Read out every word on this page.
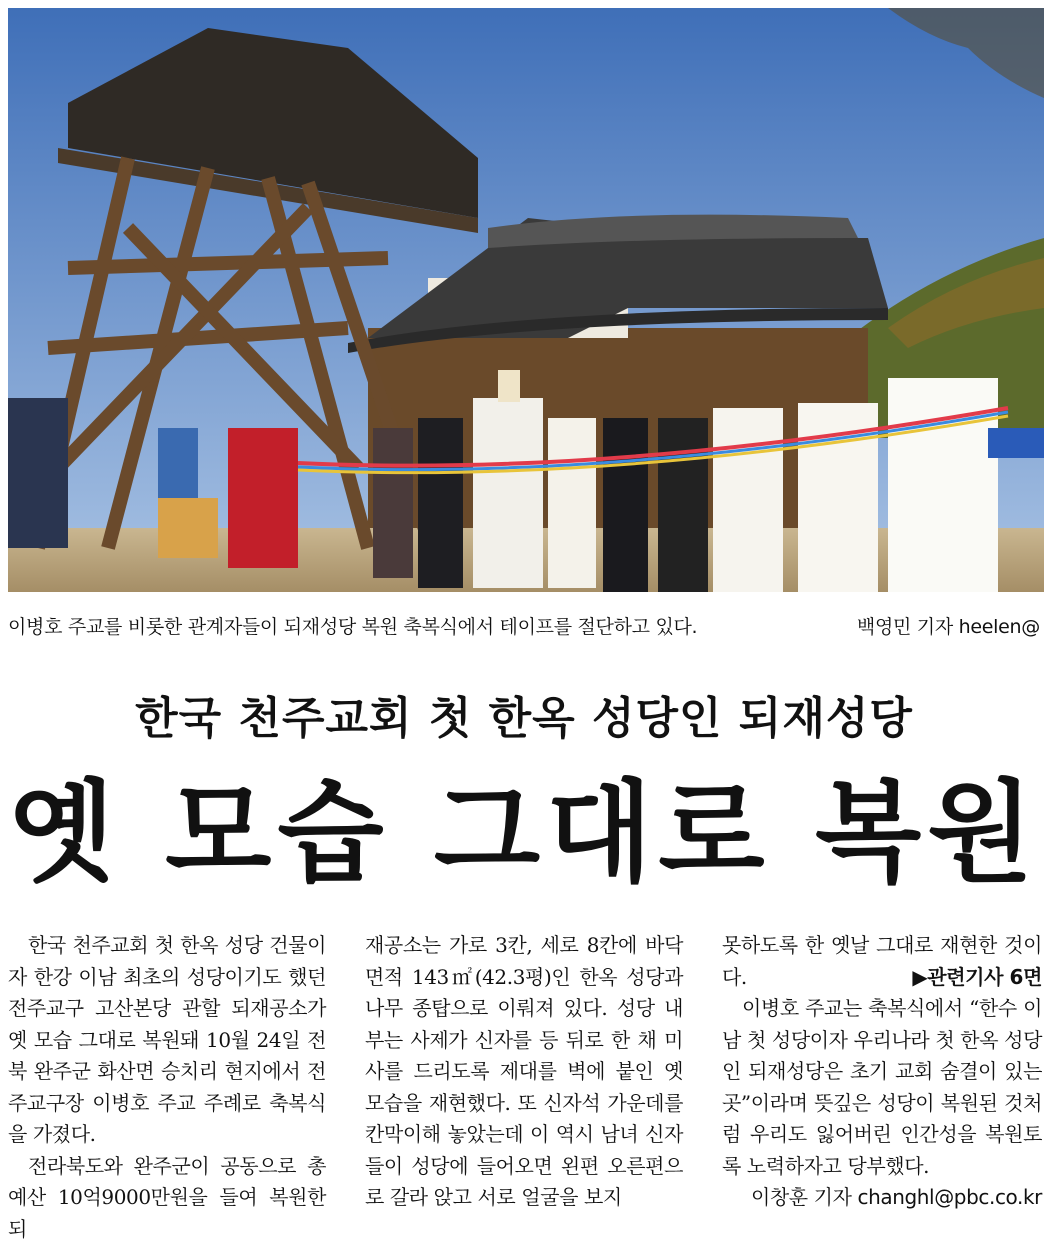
이병호 주교를 비롯한 관계자들이 되재성당 복원 축복식에서 테이프를 절단하고 있다.	백영민 기자 heelen@
한국 천주교회 첫 한옥 성당인 되재성당
옛 모습 그대로 복원

한국 천주교회 첫 한옥 성당 건물이자 한강 이남 최초의 성당이기도 했던 전주교구 고산본당 관할 되재공소가 옛 모습 그대로 복원돼 10월 24일 전북 완주군 화산면 승치리 현지에서 전주교구장 이병호 주교 주례로 축복식을 가졌다.

전라북도와 완주군이 공동으로 총예산 10억9000만원을 들여 복원한 되

재공소는 가로 3칸, 세로 8칸에 바닥면적 143㎡(42.3평)인 한옥 성당과 나무 종탑으로 이뤄져 있다. 성당 내부는 사제가 신자를 등 뒤로 한 채 미사를 드리도록 제대를 벽에 붙인 옛 모습을 재현했다. 또 신자석 가운데를 칸막이해 놓았는데 이 역시 남녀 신자들이 성당에 들어오면 왼편 오른편으로 갈라 앉고 서로 얼굴을 보지

못하도록 한 옛날 그대로 재현한 것이다.	▶관련기사 6면

이병호 주교는 축복식에서 “한수 이남 첫 성당이자 우리나라 첫 한옥 성당인 되재성당은 초기 교회 숨결이 있는 곳”이라며 뜻깊은 성당이 복원된 것처럼 우리도 잃어버린 인간성을 복원토록 노력하자고 당부했다.

이창훈 기자 changhl@pbc.co.kr
